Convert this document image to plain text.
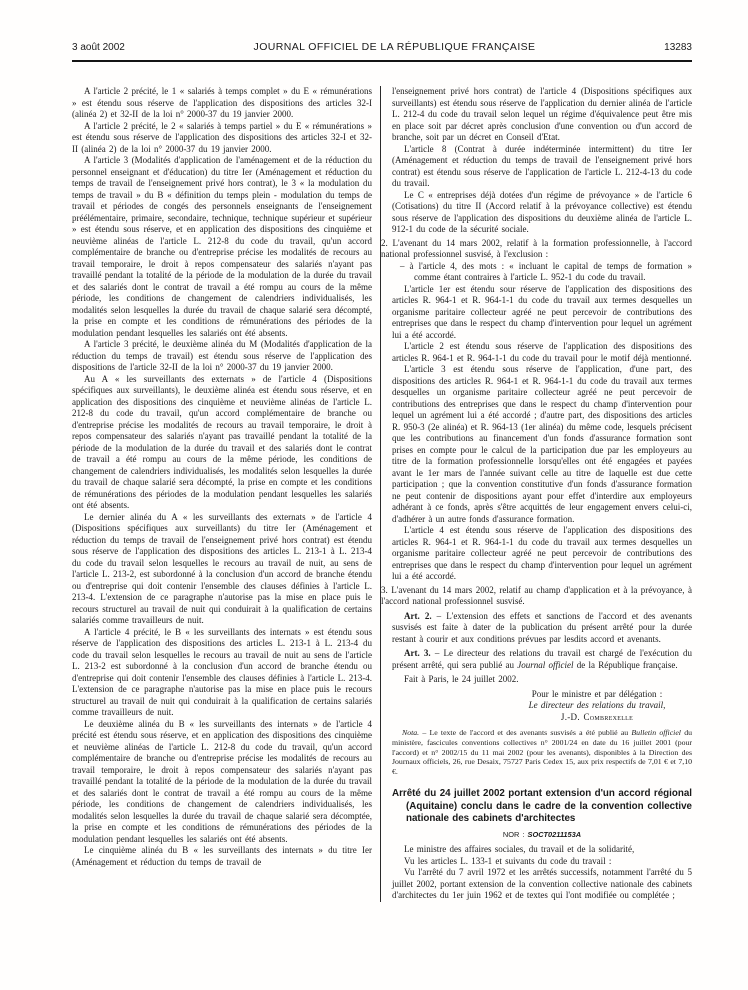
3 août 2002	JOURNAL OFFICIEL DE LA RÉPUBLIQUE FRANÇAISE	13283

A l'article 2 précité, le 1 « salariés à temps complet » du E « rémunérations » est étendu sous réserve de l'application des dispositions des articles 32-I (alinéa 2) et 32-II de la loi n° 2000-37 du 19 janvier 2000.

A l'article 2 précité, le 2 « salariés à temps partiel » du E « rémunérations » est étendu sous réserve de l'application des dispositions des articles 32-I et 32-II (alinéa 2) de la loi n° 2000-37 du 19 janvier 2000.

A l'article 3 (Modalités d'application de l'aménagement et de la réduction du personnel enseignant et d'éducation) du titre Ier (Aménagement et réduction du temps de travail de l'enseignement privé hors contrat), le 3 « la modulation du temps de travail » du B « définition du temps plein - modulation du temps de travail et périodes de congés des personnels enseignants de l'enseignement préélémentaire, primaire, secondaire, technique, technique supérieur et supérieur » est étendu sous réserve, et en application des dispositions des cinquième et neuvième alinéas de l'article L. 212-8 du code du travail, qu'un accord complémentaire de branche ou d'entreprise précise les modalités de recours au travail temporaire, le droit à repos compensateur des salariés n'ayant pas travaillé pendant la totalité de la période de la modulation de la durée du travail et des salariés dont le contrat de travail a été rompu au cours de la même période, les conditions de changement de calendriers individualisés, les modalités selon lesquelles la durée du travail de chaque salarié sera décompté, la prise en compte et les conditions de rémunérations des périodes de la modulation pendant lesquelles les salariés ont été absents.

A l'article 3 précité, le deuxième alinéa du M (Modalités d'application de la réduction du temps de travail) est étendu sous réserve de l'application des dispositions de l'article 32-II de la loi n° 2000-37 du 19 janvier 2000.

Au A « les surveillants des externats » de l'article 4 (Dispositions spécifiques aux surveillants), le deuxième alinéa est étendu sous réserve, et en application des dispositions des cinquième et neuvième alinéas de l'article L. 212-8 du code du travail, qu'un accord complémentaire de branche ou d'entreprise précise les modalités de recours au travail temporaire, le droit à repos compensateur des salariés n'ayant pas travaillé pendant la totalité de la période de la modulation de la durée du travail et des salariés dont le contrat de travail a été rompu au cours de la même période, les conditions de changement de calendriers individualisés, les modalités selon lesquelles la durée du travail de chaque salarié sera décompté, la prise en compte et les conditions de rémunérations des périodes de la modulation pendant lesquelles les salariés ont été absents.

Le dernier alinéa du A « les surveillants des externats » de l'article 4 (Dispositions spécifiques aux surveillants) du titre Ier (Aménagement et réduction du temps de travail de l'enseignement privé hors contrat) est étendu sous réserve de l'application des dispositions des articles L. 213-1 à L. 213-4 du code du travail selon lesquelles le recours au travail de nuit, au sens de l'article L. 213-2, est subordonné à la conclusion d'un accord de branche étendu ou d'entreprise qui doit contenir l'ensemble des clauses définies à l'article L. 213-4. L'extension de ce paragraphe n'autorise pas la mise en place puis le recours structurel au travail de nuit qui conduirait à la qualification de certains salariés comme travailleurs de nuit.

A l'article 4 précité, le B « les surveillants des internats » est étendu sous réserve de l'application des dispositions des articles L. 213-1 à L. 213-4 du code du travail selon lesquelles le recours au travail de nuit au sens de l'article L. 213-2 est subordonné à la conclusion d'un accord de branche étendu ou d'entreprise qui doit contenir l'ensemble des clauses définies à l'article L. 213-4. L'extension de ce paragraphe n'autorise pas la mise en place puis le recours structurel au travail de nuit qui conduirait à la qualification de certains salariés comme travailleurs de nuit.

Le deuxième alinéa du B « les surveillants des internats » de l'article 4 précité est étendu sous réserve, et en application des dispositions des cinquième et neuvième alinéas de l'article L. 212-8 du code du travail, qu'un accord complémentaire de branche ou d'entreprise précise les modalités de recours au travail temporaire, le droit à repos compensateur des salariés n'ayant pas travaillé pendant la totalité de la période de la modulation de la durée du travail et des salariés dont le contrat de travail a été rompu au cours de la même période, les conditions de changement de calendriers individualisés, les modalités selon lesquelles la durée du travail de chaque salarié sera décomptée, la prise en compte et les conditions de rémunérations des périodes de la modulation pendant lesquelles les salariés ont été absents.

Le cinquième alinéa du B « les surveillants des internats » du titre Ier (Aménagement et réduction du temps de travail de

l'enseignement privé hors contrat) de l'article 4 (Dispositions spécifiques aux surveillants) est étendu sous réserve de l'application du dernier alinéa de l'article L. 212-4 du code du travail selon lequel un régime d'équivalence peut être mis en place soit par décret après conclusion d'une convention ou d'un accord de branche, soit par un décret en Conseil d'Etat.

L'article 8 (Contrat à durée indéterminée intermittent) du titre Ier (Aménagement et réduction du temps de travail de l'enseignement privé hors contrat) est étendu sous réserve de l'application de l'article L. 212-4-13 du code du travail.

Le C « entreprises déjà dotées d'un régime de prévoyance » de l'article 6 (Cotisations) du titre II (Accord relatif à la prévoyance collective) est étendu sous réserve de l'application des dispositions du deuxième alinéa de l'article L. 912-1 du code de la sécurité sociale.

2. L'avenant du 14 mars 2002, relatif à la formation professionnelle, à l'accord national professionnel susvisé, à l'exclusion :

– à l'article 4, des mots : « incluant le capital de temps de formation » comme étant contraires à l'article L. 952-1 du code du travail.

L'article 1er est étendu sour réserve de l'application des dispositions des articles R. 964-1 et R. 964-1-1 du code du travail aux termes desquelles un organisme paritaire collecteur agréé ne peut percevoir de contributions des entreprises que dans le respect du champ d'intervention pour lequel un agrément lui a été accordé.

L'article 2 est étendu sous réserve de l'application des dispositions des articles R. 964-1 et R. 964-1-1 du code du travail pour le motif déjà mentionné.

L'article 3 est étendu sous réserve de l'application, d'une part, des dispositions des articles R. 964-1 et R. 964-1-1 du code du travail aux termes desquelles un organisme paritaire collecteur agréé ne peut percevoir de contributions des entreprises que dans le respect du champ d'intervention pour lequel un agrément lui a été accordé ; d'autre part, des dispositions des articles R. 950-3 (2e alinéa) et R. 964-13 (1er alinéa) du même code, lesquels précisent que les contributions au financement d'un fonds d'assurance formation sont prises en compte pour le calcul de la participation due par les employeurs au titre de la formation professionnelle lorsqu'elles ont été engagées et payées avant le 1er mars de l'année suivant celle au titre de laquelle est due cette participation ; que la convention constitutive d'un fonds d'assurance formation ne peut contenir de dispositions ayant pour effet d'interdire aux employeurs adhérant à ce fonds, après s'être acquittés de leur engagement envers celui-ci, d'adhérer à un autre fonds d'assurance formation.

L'article 4 est étendu sous réserve de l'application des dispositions des articles R. 964-1 et R. 964-1-1 du code du travail aux termes desquelles un organisme paritaire collecteur agréé ne peut percevoir de contributions des entreprises que dans le respect du champ d'intervention pour lequel un agrément lui a été accordé.

3. L'avenant du 14 mars 2002, relatif au champ d'application et à la prévoyance, à l'accord national professionnel susvisé.

Art. 2. – L'extension des effets et sanctions de l'accord et des avenants susvisés est faite à dater de la publication du présent arrêté pour la durée restant à courir et aux conditions prévues par lesdits accord et avenants.

Art. 3. – Le directeur des relations du travail est chargé de l'exécution du présent arrêté, qui sera publié au Journal officiel de la République française.

Fait à Paris, le 24 juillet 2002.

Pour le ministre et par délégation :
Le directeur des relations du travail,
J.-D. Combrexelle

Nota. – Le texte de l'accord et des avenants susvisés a été publié au Bulletin officiel du ministère, fascicules conventions collectives n° 2001/24 en date du 16 juillet 2001 (pour l'accord) et n° 2002/15 du 11 mai 2002 (pour les avenants), disponibles à la Direction des Journaux officiels, 26, rue Desaix, 75727 Paris Cedex 15, aux prix respectifs de 7,01 € et 7,10 €.

Arrêté du 24 juillet 2002 portant extension d'un accord régional (Aquitaine) conclu dans le cadre de la convention collective nationale des cabinets d'architectes

NOR : SOCT0211153A

Le ministre des affaires sociales, du travail et de la solidarité,

Vu les articles L. 133-1 et suivants du code du travail :

Vu l'arrêté du 7 avril 1972 et les arrêtés successifs, notamment l'arrêté du 5 juillet 2002, portant extension de la convention collective nationale des cabinets d'architectes du 1er juin 1962 et de textes qui l'ont modifiée ou complétée ;
